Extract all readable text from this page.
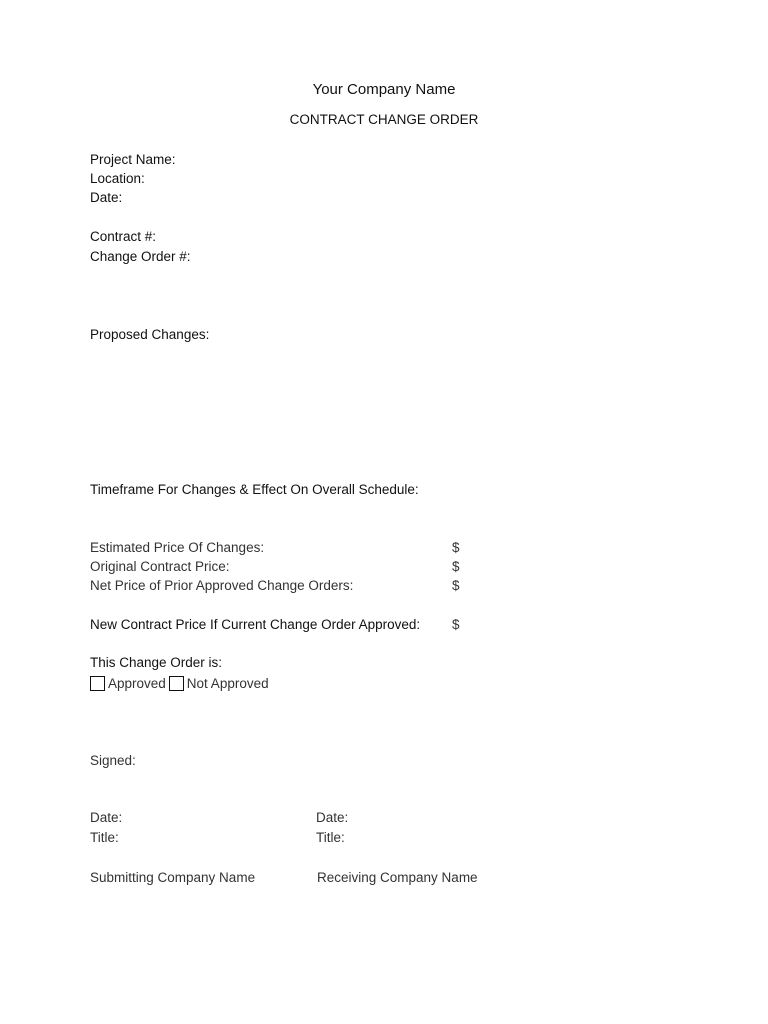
Your Company Name
CONTRACT CHANGE ORDER
Project Name:
Location:
Date:
Contract #:
Change Order #:
Proposed Changes:
Timeframe For Changes & Effect On Overall Schedule:
Estimated Price Of Changes:	$
Original Contract Price:	$
Net Price of Prior Approved Change Orders:	$
New Contract Price If Current Change Order Approved: $
This Change Order is:
Approved Not Approved
Signed:
Date:	Date:
Title:	Title:
Submitting Company Name	Receiving Company Name
